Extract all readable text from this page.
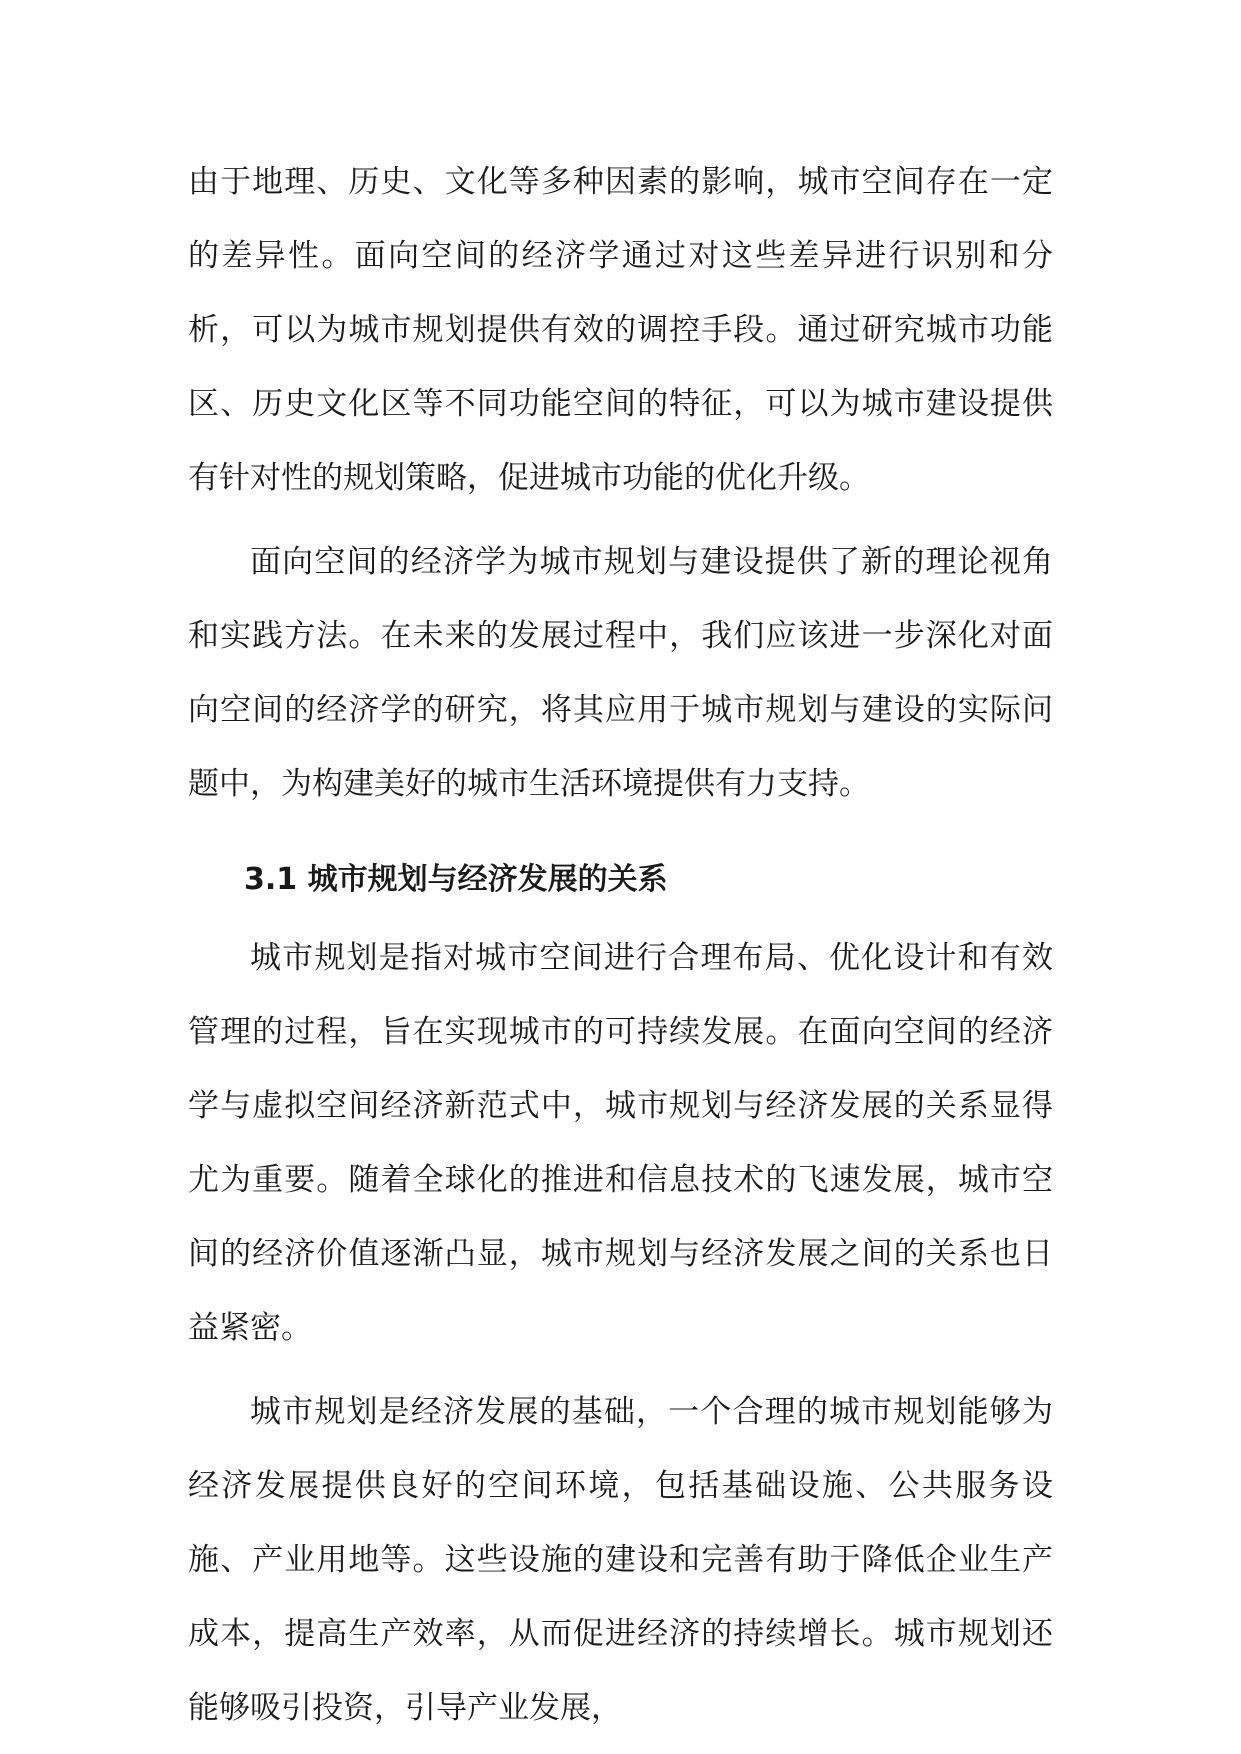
由于地理、历史、文化等多种因素的影响，城市空间存在一定的差异性。面向空间的经济学通过对这些差异进行识别和分析，可以为城市规划提供有效的调控手段。通过研究城市功能区、历史文化区等不同功能空间的特征，可以为城市建设提供有针对性的规划策略，促进城市功能的优化升级。

面向空间的经济学为城市规划与建设提供了新的理论视角和实践方法。在未来的发展过程中，我们应该进一步深化对面向空间的经济学的研究，将其应用于城市规划与建设的实际问题中，为构建美好的城市生活环境提供有力支持。

3.1 城市规划与经济发展的关系

城市规划是指对城市空间进行合理布局、优化设计和有效管理的过程，旨在实现城市的可持续发展。在面向空间的经济学与虚拟空间经济新范式中，城市规划与经济发展的关系显得尤为重要。随着全球化的推进和信息技术的飞速发展，城市空间的经济价值逐渐凸显，城市规划与经济发展之间的关系也日益紧密。

城市规划是经济发展的基础，一个合理的城市规划能够为经济发展提供良好的空间环境，包括基础设施、公共服务设施、产业用地等。这些设施的建设和完善有助于降低企业生产成本，提高生产效率，从而促进经济的持续增长。城市规划还能够吸引投资，引导产业发展，
